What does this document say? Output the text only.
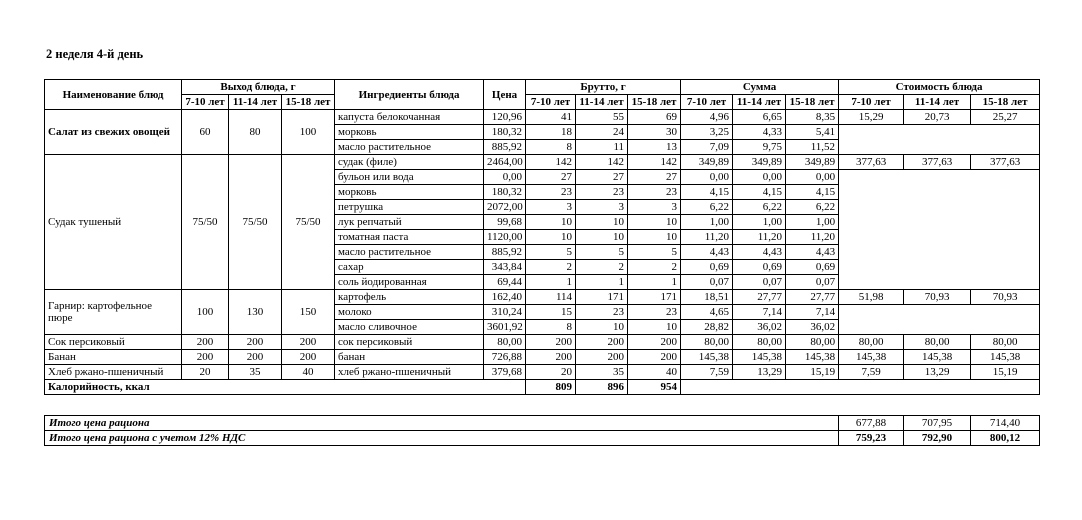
2 неделя 4-й день
Наименование блюд	Выход блюда, г			Ингредиенты блюда	Цена	Брутто, г			Сумма			Стоимость блюда		
	7-10 лет	11-14 лет	15-18 лет			7-10 лет	11-14 лет	15-18 лет	7-10 лет	11-14 лет	15-18 лет	7-10 лет	11-14 лет	15-18 лет
Салат из свежих овощей	60	80	100	капуста белокочанная	120,96	41	55	69	4,96	6,65	8,35	15,29	20,73	25,27
				морковь	180,32	18	24	30	3,25	4,33	5,41			
				масло растительное	885,92	8	11	13	7,09	9,75	11,52			
Судак тушеный	75/50	75/50	75/50	судак (филе)	2464,00	142	142	142	349,89	349,89	349,89	377,63	377,63	377,63
				бульон или вода	0,00	27	27	27	0,00	0,00	0,00			
				морковь	180,32	23	23	23	4,15	4,15	4,15			
				петрушка	2072,00	3	3	3	6,22	6,22	6,22			
				лук репчатый	99,68	10	10	10	1,00	1,00	1,00			
				томатная паста	1120,00	10	10	10	11,20	11,20	11,20			
				масло растительное	885,92	5	5	5	4,43	4,43	4,43			
				сахар	343,84	2	2	2	0,69	0,69	0,69			
				соль йодированная	69,44	1	1	1	0,07	0,07	0,07			
Гарнир: картофельное пюре	100	130	150	картофель	162,40	114	171	171	18,51	27,77	27,77	51,98	70,93	70,93
				молоко	310,24	15	23	23	4,65	7,14	7,14			
				масло сливочное	3601,92	8	10	10	28,82	36,02	36,02			
Сок персиковый	200	200	200	сок персиковый	80,00	200	200	200	80,00	80,00	80,00	80,00	80,00	80,00
Банан	200	200	200	банан	726,88	200	200	200	145,38	145,38	145,38	145,38	145,38	145,38
Хлеб ржано-пшеничный	20	35	40	хлеб ржано-пшеничный	379,68	20	35	40	7,59	13,29	15,19	7,59	13,29	15,19
Калорийность, ккал						809	896	954						
Итого цена рациона	677,88	707,95	714,40
Итого цена рациона с учетом 12% НДС	759,23	792,90	800,12
